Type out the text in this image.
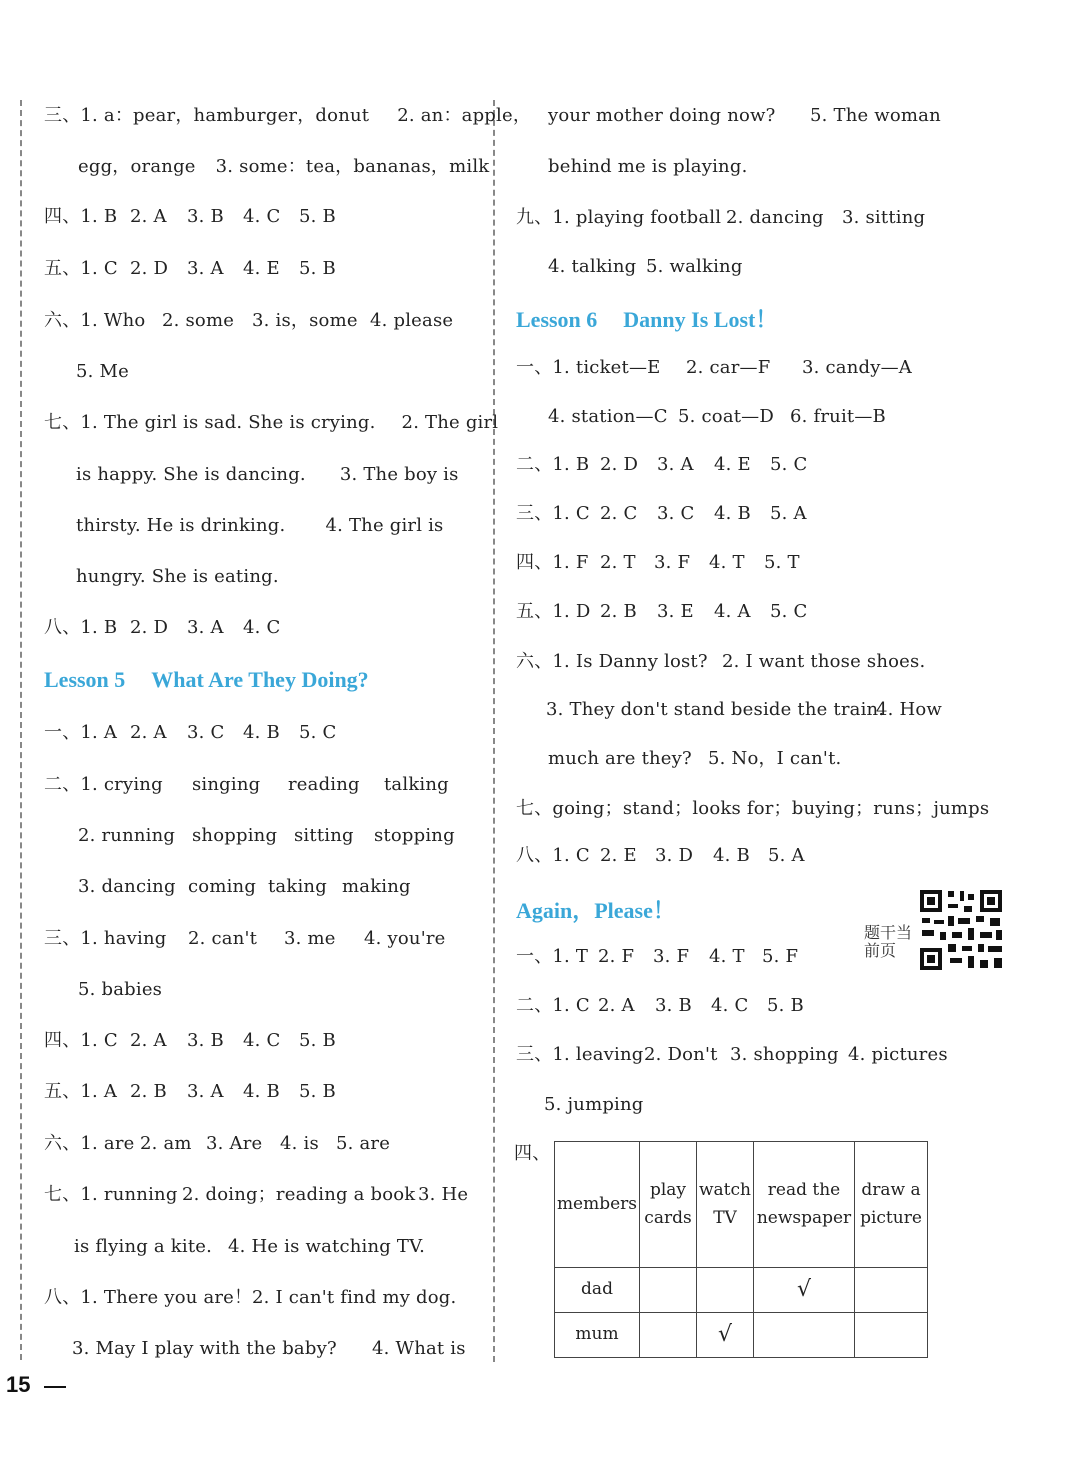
三、1. a：pear，hamburger，donut 2. an：apple，
egg，orange 3. some：tea，bananas，milk
四、1. B 2. A 3. B 4. C 5. B
五、1. C 2. D 3. A 4. E 5. B
六、1. Who 2. some 3. is，some 4. please
5. Me
七、1. The girl is sad. She is crying. 2. The girl
is happy. She is dancing. 3. The boy is
thirsty. He is drinking. 4. The girl is
hungry. She is eating.
八、1. B 2. D 3. A 4. C
Lesson 5 What Are They Doing?
一、1. A 2. A 3. C 4. B 5. C
二、1. crying singing reading talking
2. running shopping sitting stopping
3. dancing coming taking making
三、1. having 2. can't 3. me 4. you're
5. babies
四、1. C 2. A 3. B 4. C 5. B
五、1. A 2. B 3. A 4. B 5. B
六、1. are 2. am 3. Are 4. is 5. are
七、1. running 2. doing；reading a book 3. He
is flying a kite. 4. He is watching TV.
八、1. There you are！2. I can't find my dog.
3. May I play with the baby? 4. What is
15
your mother doing now? 5. The woman
behind me is playing.
九、1. playing football 2. dancing 3. sitting
4. talking 5. walking
Lesson 6 Danny Is Lost！
一、1. ticket—E 2. car—F 3. candy—A
4. station—C 5. coat—D 6. fruit—B
二、1. B 2. D 3. A 4. E 5. C
三、1. C 2. C 3. C 4. B 5. A
四、1. F 2. T 3. F 4. T 5. T
五、1. D 2. B 3. E 4. A 5. C
六、1. Is Danny lost? 2. I want those shoes.
3. They don't stand beside the train.4. How
much are they? 5. No，I can't.
七、going；stand；looks for；buying；runs；jumps
八、1. C 2. E 3. D 4. B 5. A
Again，Please！
题干当前页
一、1. T 2. F 3. F 4. T 5. F
二、1. C 2. A 3. B 4. C 5. B
三、1. leaving2. Don't 3. shopping 4. pictures
5. jumping
四、
members	play cards	watch TV	read the newspaper	draw a picture
dad			√	
mum		√		
